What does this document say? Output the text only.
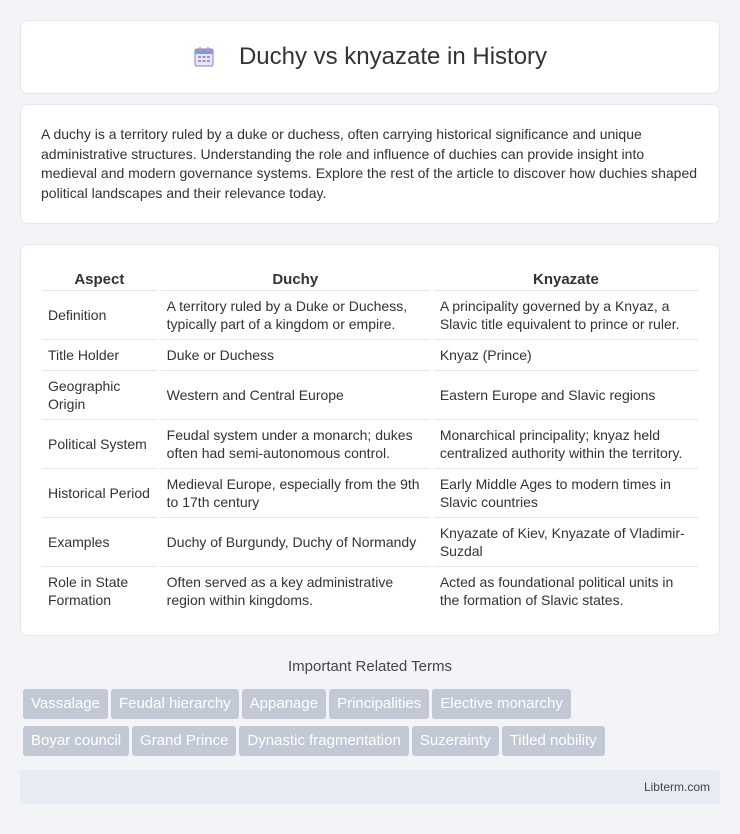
Duchy vs knyazate in History

A duchy is a territory ruled by a duke or duchess, often carrying historical significance and unique administrative structures. Understanding the role and influence of duchies can provide insight into medieval and modern governance systems. Explore the rest of the article to discover how duchies shaped political landscapes and their relevance today.

Aspect	Duchy	Knyazate
Definition	A territory ruled by a Duke or Duchess, typically part of a kingdom or empire.	A principality governed by a Knyaz, a Slavic title equivalent to prince or ruler.
Title Holder	Duke or Duchess	Knyaz (Prince)
Geographic Origin	Western and Central Europe	Eastern Europe and Slavic regions
Political System	Feudal system under a monarch; dukes often had semi-autonomous control.	Monarchical principality; knyaz held centralized authority within the territory.
Historical Period	Medieval Europe, especially from the 9th to 17th century	Early Middle Ages to modern times in Slavic countries
Examples	Duchy of Burgundy, Duchy of Normandy	Knyazate of Kiev, Knyazate of Vladimir-Suzdal
Role in State Formation	Often served as a key administrative region within kingdoms.	Acted as foundational political units in the formation of Slavic states.
Important Related Terms
Vassalage Feudal hierarchy Appanage Principalities Elective monarchy
Boyar council Grand Prince Dynastic fragmentation Suzerainty Titled nobility
Libterm.com
